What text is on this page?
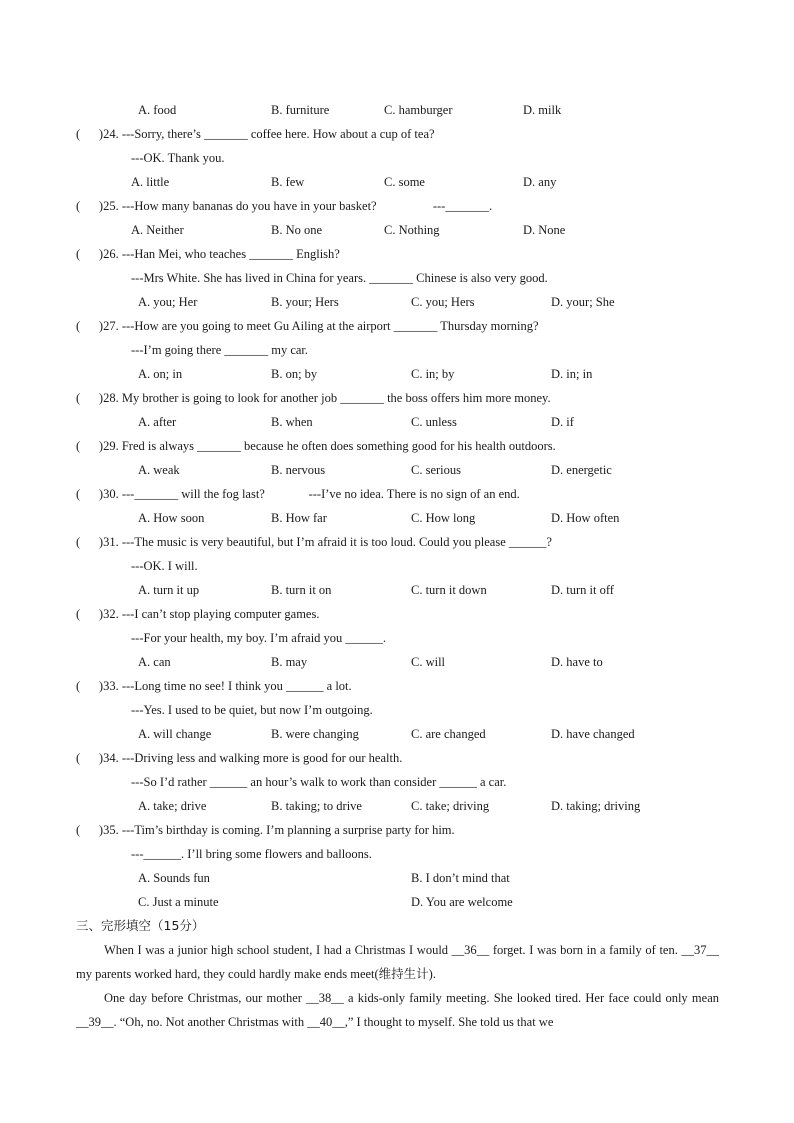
A. food	B. furniture	C. hamburger	D. milk
(      )24. ---Sorry, there’s _______ coffee here. How about a cup of tea?
---OK. Thank you.
A. little	B. few	C. some	D. any
(      )25. ---How many bananas do you have in your basket?                  ---_______.
A. Neither	B. No one	C. Nothing	D. None
(      )26. ---Han Mei, who teaches _______ English?
---Mrs White. She has lived in China for years. _______ Chinese is also very good.
A. you; Her	B. your; Hers	C. you; Hers	D. your; She
(      )27. ---How are you going to meet Gu Ailing at the airport _______ Thursday morning?
---I’m going there _______ my car.
A. on; in	B. on; by	C. in; by	D. in; in
(      )28. My brother is going to look for another job _______ the boss offers him more money.
A. after	B. when	C. unless	D. if
(      )29. Fred is always _______ because he often does something good for his health outdoors.
A. weak	B. nervous	C. serious	D. energetic
(      )30. ---_______ will the fog last?              ---I’ve no idea. There is no sign of an end.
A. How soon	B. How far	C. How long	D. How often
(      )31. ---The music is very beautiful, but I’m afraid it is too loud. Could you please ______?
---OK. I will.
A. turn it up	B. turn it on	C. turn it down	D. turn it off
(      )32. ---I can’t stop playing computer games.
---For your health, my boy. I’m afraid you ______.
A. can	B. may	C. will	D. have to
(      )33. ---Long time no see! I think you ______ a lot.
---Yes. I used to be quiet, but now I’m outgoing.
A. will change	B. were changing	C. are changed	D. have changed
(      )34. ---Driving less and walking more is good for our health.
---So I’d rather ______ an hour’s walk to work than consider ______ a car.
A. take; drive	B. taking; to drive	C. take; driving	D. taking; driving
(      )35. ---Tim’s birthday is coming. I’m planning a surprise party for him.
---______. I’ll bring some flowers and balloons.
A. Sounds fun	B. I don’t mind that
C. Just a minute	D. You are welcome
三、完形填空（15分）
When I was a junior high school student, I had a Christmas I would __36__ forget. I was born in a family of ten. __37__ my parents worked hard, they could hardly make ends meet(维持生计).
One day before Christmas, our mother __38__ a kids-only family meeting. She looked tired. Her face could only mean __39__. “Oh, no. Not another Christmas with __40__,” I thought to myself. She told us that we
